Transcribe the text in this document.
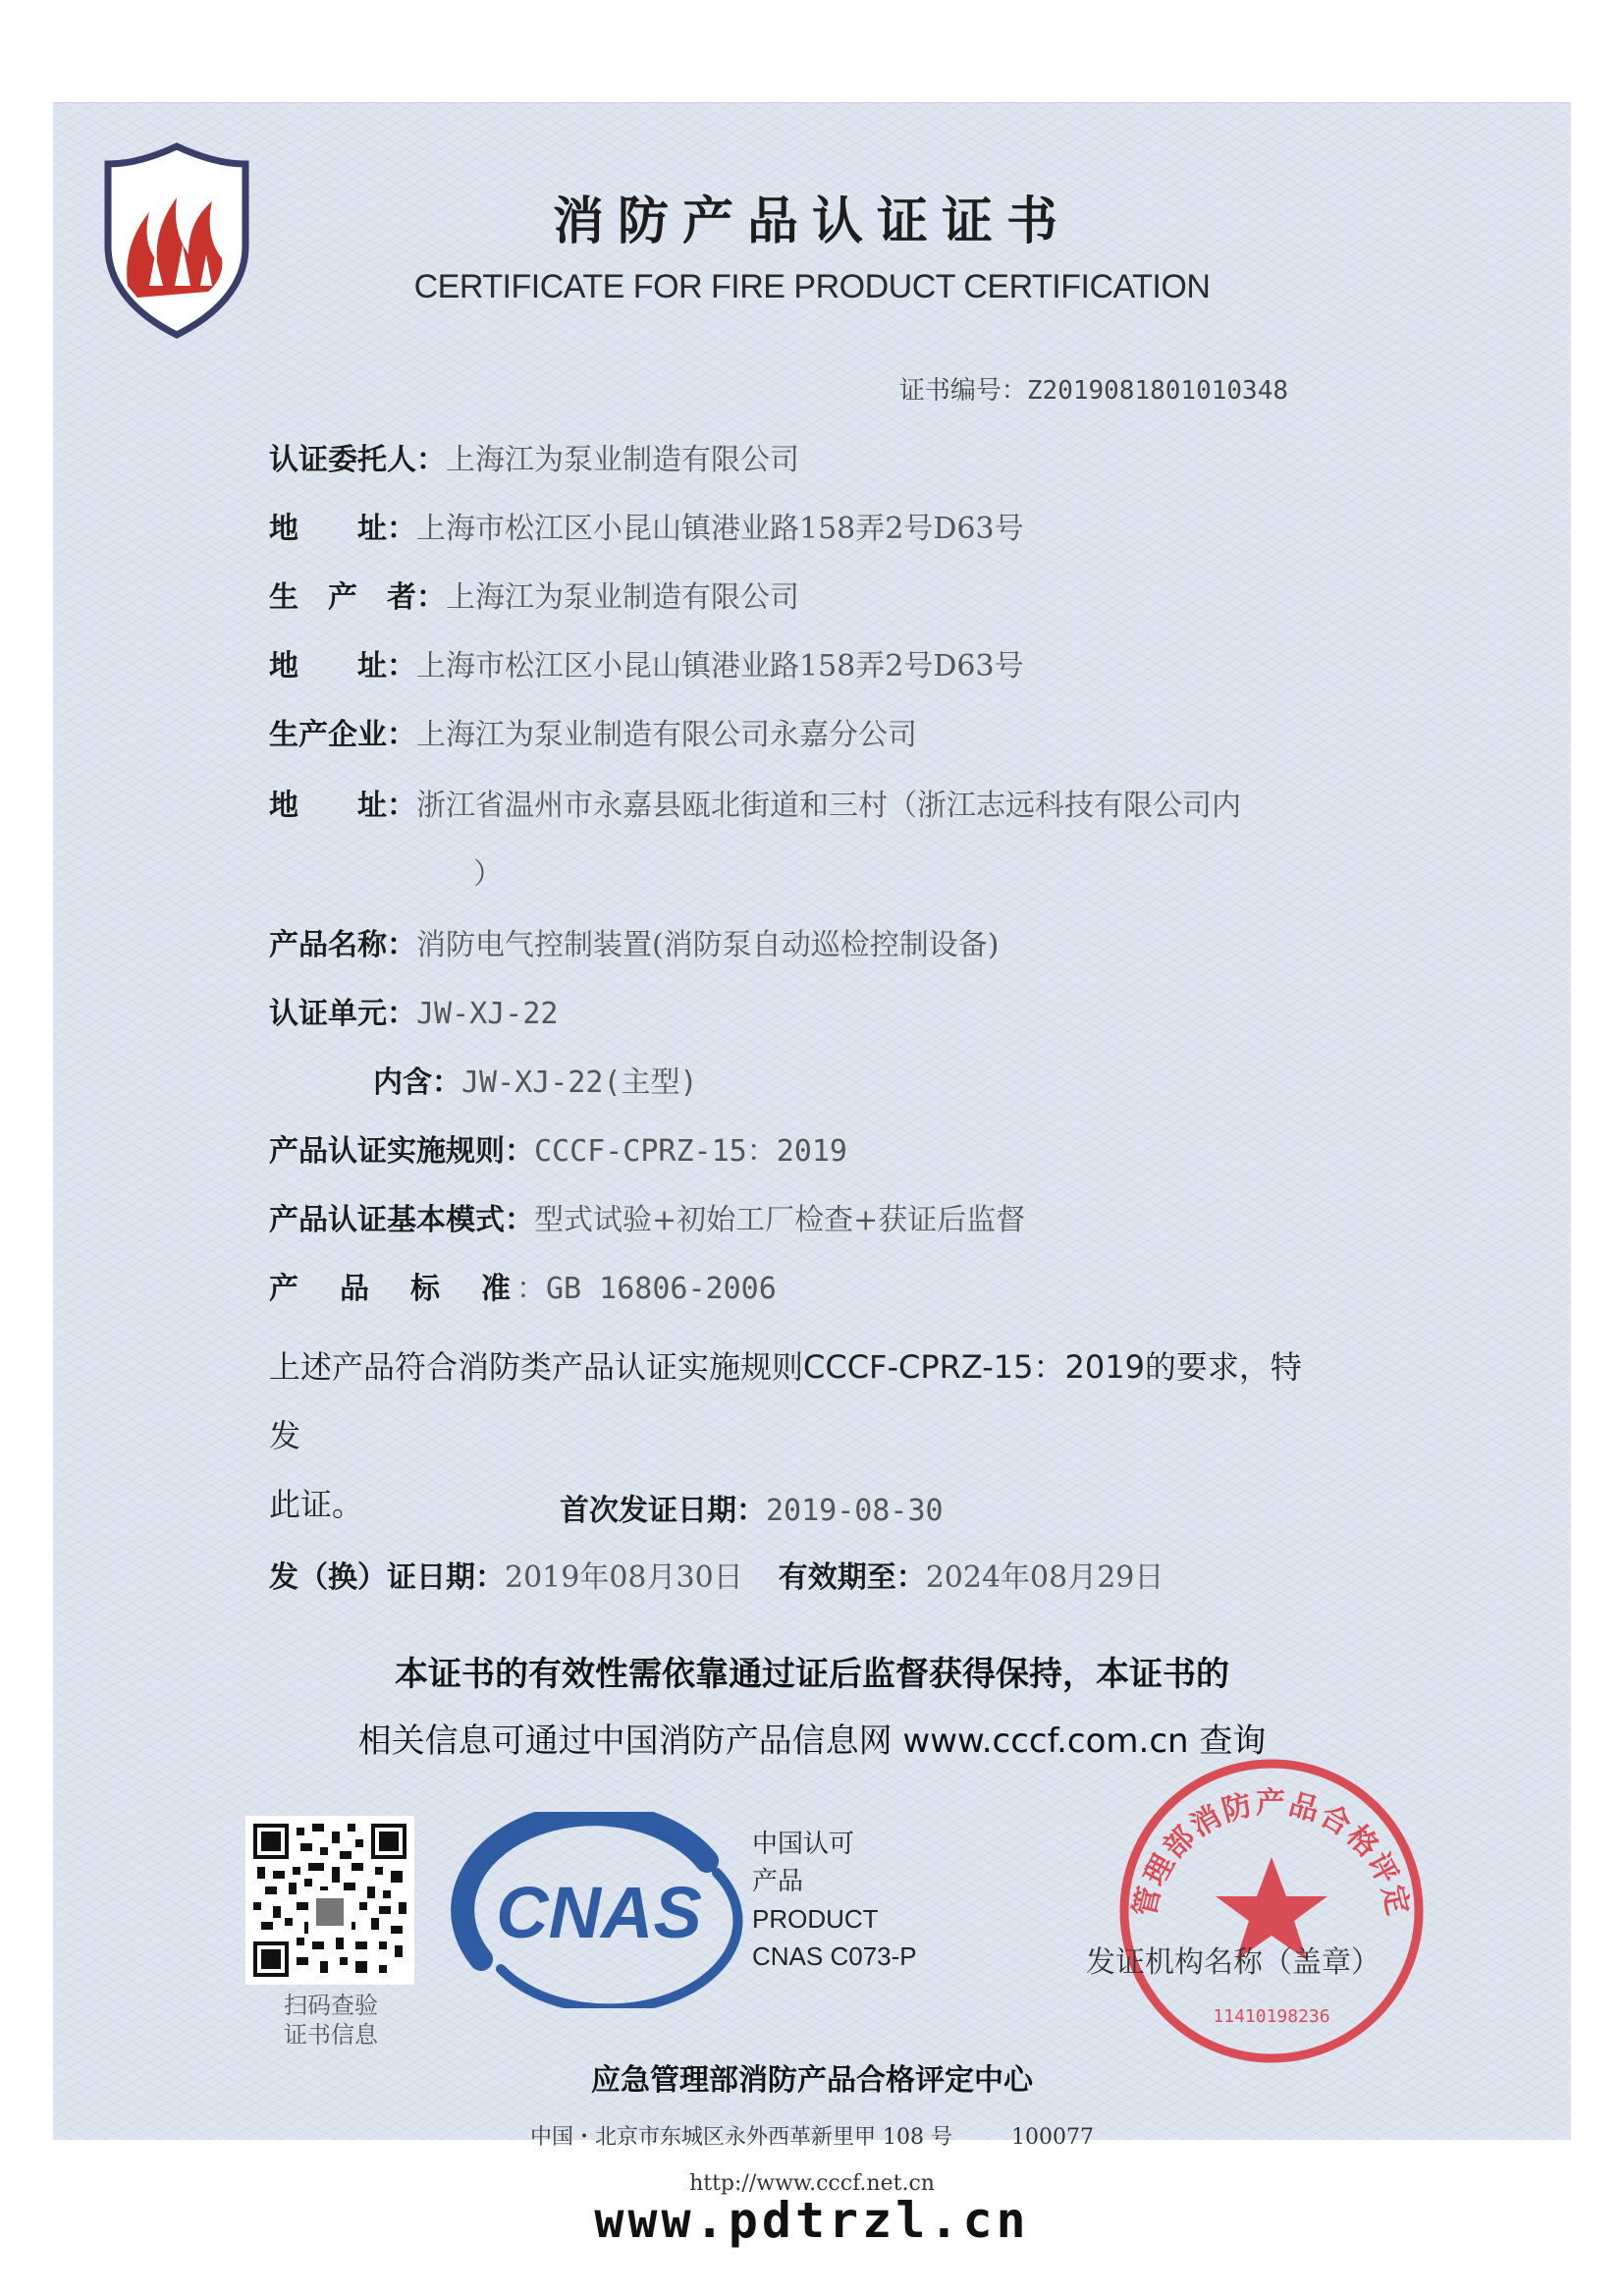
消防产品认证证书
CERTIFICATE FOR FIRE PRODUCT CERTIFICATION
证书编号：Z2019081801010348
认证委托人：上海江为泵业制造有限公司
地　　址：上海市松江区小昆山镇港业路158弄2号D63号
生　产　者：上海江为泵业制造有限公司
地　　址：上海市松江区小昆山镇港业路158弄2号D63号
生产企业：上海江为泵业制造有限公司永嘉分公司
地　　址：浙江省温州市永嘉县瓯北街道和三村（浙江志远科技有限公司内
）
产品名称：消防电气控制装置(消防泵自动巡检控制设备)
认证单元：JW-XJ-22
内含：JW-XJ-22(主型)
产品认证实施规则：CCCF-CPRZ-15：2019
产品认证基本模式：型式试验+初始工厂检查+获证后监督
产　品　标　准：GB 16806-2006
上述产品符合消防类产品认证实施规则CCCF-CPRZ-15：2019的要求，特发
此证。	首次发证日期：2019-08-30
发（换）证日期：2019年08月30日 有效期至：2024年08月29日
本证书的有效性需依靠通过证后监督获得保持，本证书的
相关信息可通过中国消防产品信息网 www.cccf.com.cn 查询
扫码查验
证书信息
CNAS
中国认可
产品
PRODUCT
CNAS C073-P
管理部消防产品合格评定
11410198236
发证机构名称（盖章）
应急管理部消防产品合格评定中心
中国・北京市东城区永外西革新里甲 108 号	100077
http://www.cccf.net.cn
www.pdtrzl.cn
